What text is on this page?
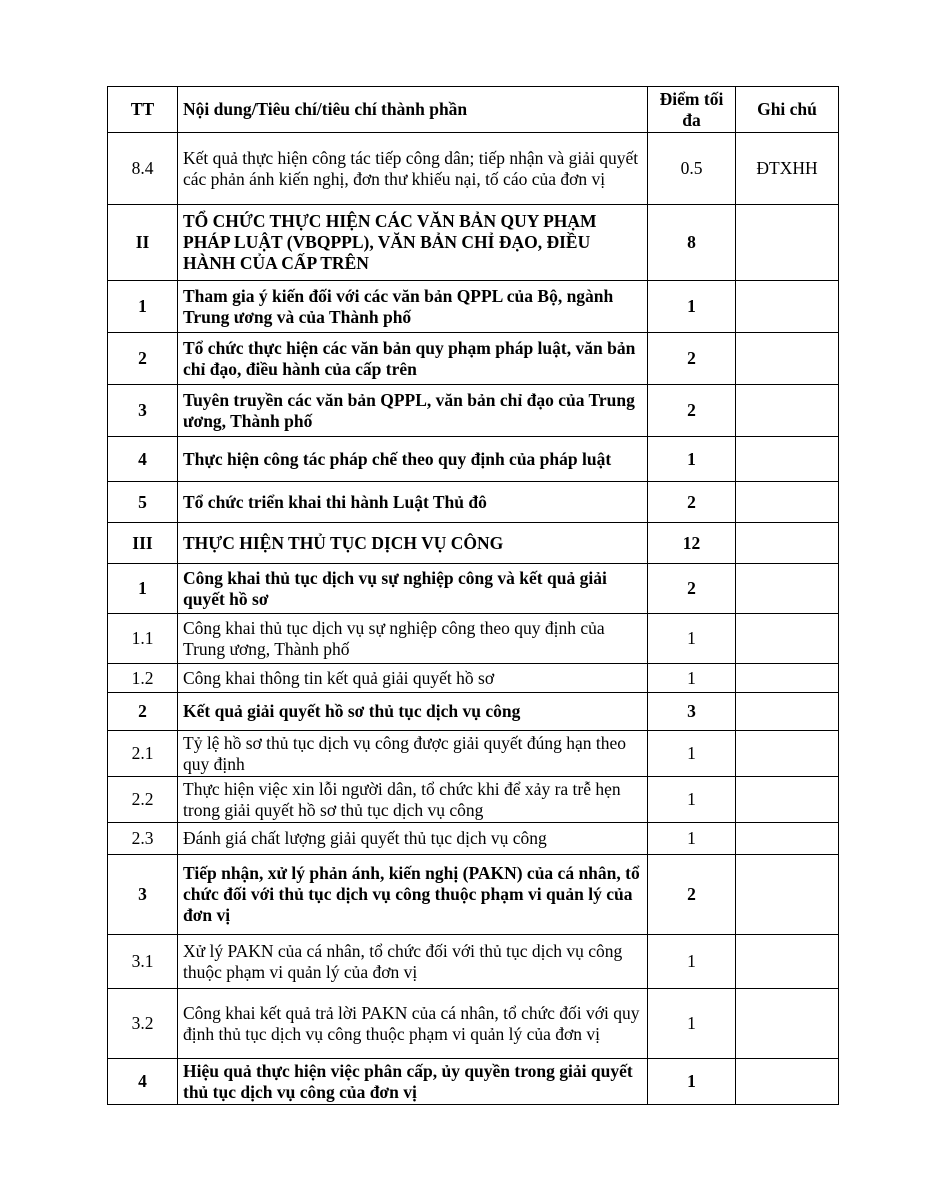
TT	Nội dung/Tiêu chí/tiêu chí thành phần	Điểm tối đa	Ghi chú
8.4	Kết quả thực hiện công tác tiếp công dân; tiếp nhận và giải quyết các phản ánh kiến nghị, đơn thư khiếu nại, tố cáo của đơn vị	0.5	ĐTXHH
II	TỔ CHỨC THỰC HIỆN CÁC VĂN BẢN QUY PHẠM PHÁP LUẬT (VBQPPL), VĂN BẢN CHỈ ĐẠO, ĐIỀU HÀNH CỦA CẤP TRÊN	8	
1	Tham gia ý kiến đối với các văn bản QPPL của Bộ, ngành Trung ương và của Thành phố	1	
2	Tổ chức thực hiện các văn bản quy phạm pháp luật, văn bản chỉ đạo, điều hành của cấp trên	2	
3	Tuyên truyền các văn bản QPPL, văn bản chỉ đạo của Trung ương, Thành phố	2	
4	Thực hiện công tác pháp chế theo quy định của pháp luật	1	
5	Tổ chức triển khai thi hành Luật Thủ đô	2	
III	THỰC HIỆN THỦ TỤC DỊCH VỤ CÔNG	12	
1	Công khai thủ tục dịch vụ sự nghiệp công và kết quả giải quyết hồ sơ	2	
1.1	Công khai thủ tục dịch vụ sự nghiệp công theo quy định của Trung ương, Thành phố	1	
1.2	Công khai thông tin kết quả giải quyết hồ sơ	1	
2	Kết quả giải quyết hồ sơ thủ tục dịch vụ công	3	
2.1	Tỷ lệ hồ sơ thủ tục dịch vụ công được giải quyết đúng hạn theo quy định	1	
2.2	Thực hiện việc xin lỗi người dân, tổ chức khi để xảy ra trễ hẹn trong giải quyết hồ sơ thủ tục dịch vụ công	1	
2.3	Đánh giá chất lượng giải quyết thủ tục dịch vụ công	1	
3	Tiếp nhận, xử lý phản ánh, kiến nghị (PAKN) của cá nhân, tổ chức đối với thủ tục dịch vụ công thuộc phạm vi quản lý của đơn vị	2	
3.1	Xử lý PAKN của cá nhân, tổ chức đối với thủ tục dịch vụ công thuộc phạm vi quản lý của đơn vị	1	
3.2	Công khai kết quả trả lời PAKN của cá nhân, tổ chức đối với quy định thủ tục dịch vụ công thuộc phạm vi quản lý của đơn vị	1	
4	Hiệu quả thực hiện việc phân cấp, ủy quyền trong giải quyết thủ tục dịch vụ công của đơn vị	1	
